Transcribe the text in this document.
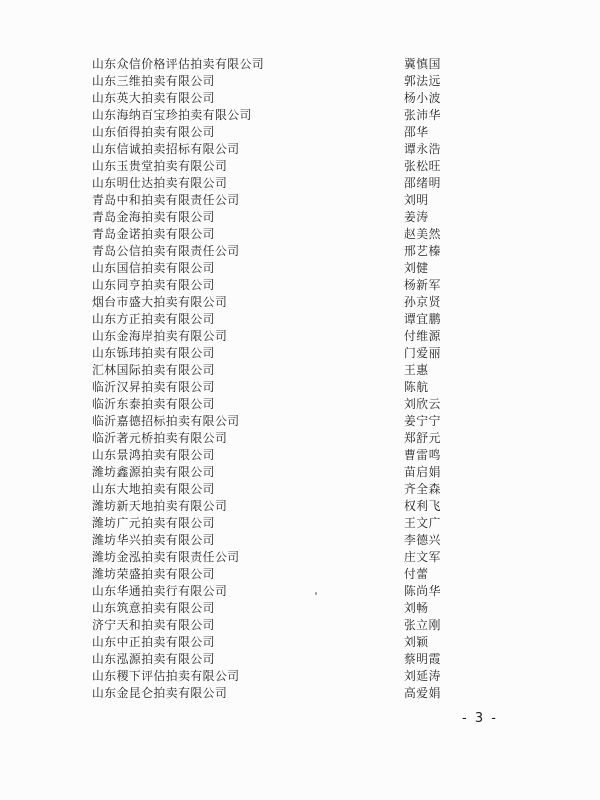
山东众信价格评估拍卖有限公司	冀慎国
山东三维拍卖有限公司	郭法远
山东英大拍卖有限公司	杨小波
山东海纳百宝珍拍卖有限公司	张沛华
山东佰得拍卖有限公司	邵华
山东信诚拍卖招标有限公司	谭永浩
山东玉贵堂拍卖有限公司	张松旺
山东明仕达拍卖有限公司	邵绪明
青岛中和拍卖有限责任公司	刘明
青岛金海拍卖有限公司	姜涛
青岛金诺拍卖有限公司	赵美然
青岛公信拍卖有限责任公司	邢艺榛
山东国信拍卖有限公司	刘健
山东同亨拍卖有限公司	杨新军
烟台市盛大拍卖有限公司	孙京贤
山东方正拍卖有限公司	谭宜鹏
山东金海岸拍卖有限公司	付维源
山东铄玮拍卖有限公司	门爱丽
汇林国际拍卖有限公司	王惠
临沂汉昇拍卖有限公司	陈航
临沂东泰拍卖有限公司	刘欣云
临沂嘉德招标拍卖有限公司	姜宁宁
临沂著元桥拍卖有限公司	郑舒元
山东景鸿拍卖有限公司	曹雷鸣
潍坊鑫源拍卖有限公司	苗启娟
山东大地拍卖有限公司	齐全森
潍坊新天地拍卖有限公司	权利飞
潍坊广元拍卖有限公司	王文广
潍坊华兴拍卖有限公司	李德兴
潍坊金泓拍卖有限责任公司	庄文军
潍坊荣盛拍卖有限公司	付蕾
山东华通拍卖行有限公司	陈尚华
山东筑意拍卖有限公司	刘畅
济宁天和拍卖有限公司	张立刚
山东中正拍卖有限公司	刘颖
山东泓源拍卖有限公司	蔡明霞
山东稷下评估拍卖有限公司	刘延涛
山东金昆仑拍卖有限公司	高爱娟
- 3 -
